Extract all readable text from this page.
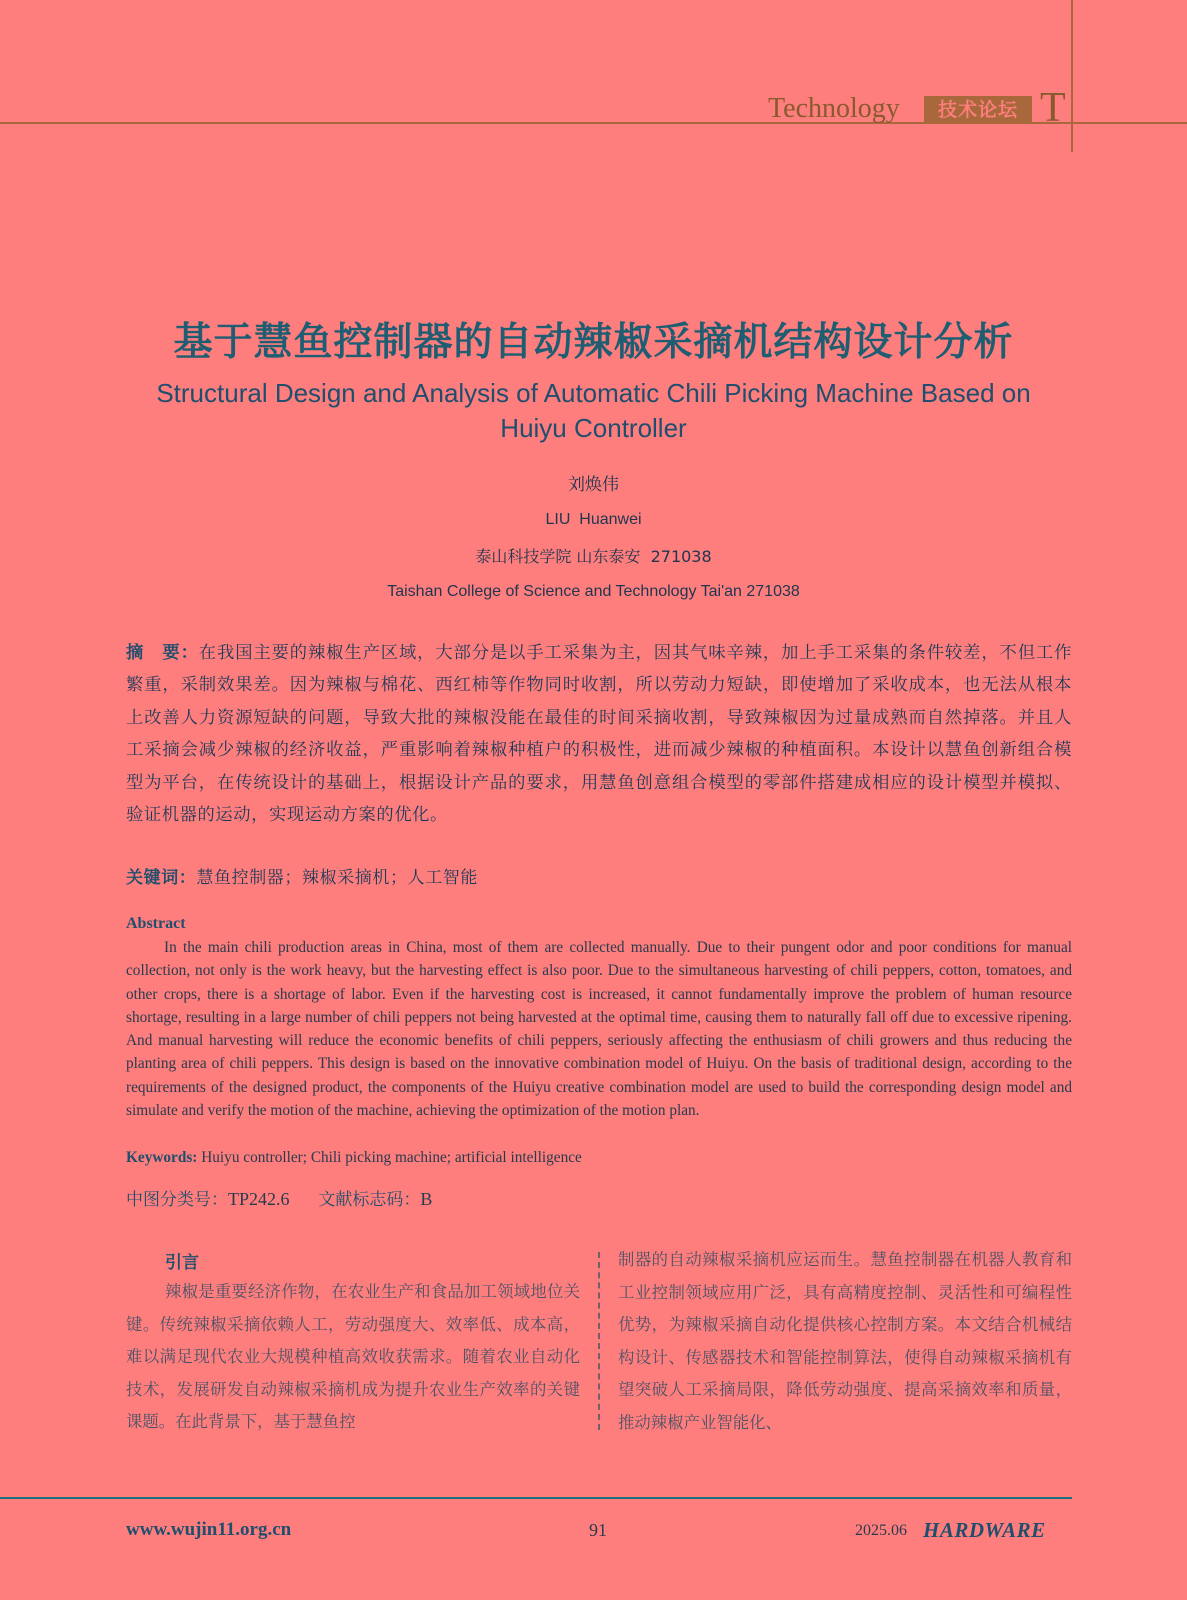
Technology	技术论坛 T
基于慧鱼控制器的自动辣椒采摘机结构设计分析
Structural Design and Analysis of Automatic Chili Picking Machine Based on Huiyu Controller
刘焕伟
LIU  Huanwei
泰山科技学院 山东泰安  271038
Taishan College of Science and Technology Tai'an 271038
摘　要：在我国主要的辣椒生产区域，大部分是以手工采集为主，因其气味辛辣，加上手工采集的条件较差，不但工作繁重，采制效果差。因为辣椒与棉花、西红柿等作物同时收割，所以劳动力短缺，即使增加了采收成本，也无法从根本上改善人力资源短缺的问题，导致大批的辣椒没能在最佳的时间采摘收割，导致辣椒因为过量成熟而自然掉落。并且人工采摘会减少辣椒的经济收益，严重影响着辣椒种植户的积极性，进而减少辣椒的种植面积。本设计以慧鱼创新组合模型为平台，在传统设计的基础上，根据设计产品的要求，用慧鱼创意组合模型的零部件搭建成相应的设计模型并模拟、验证机器的运动，实现运动方案的优化。
关键词：慧鱼控制器；辣椒采摘机；人工智能
Abstract
In the main chili production areas in China, most of them are collected manually. Due to their pungent odor and poor conditions for manual collection, not only is the work heavy, but the harvesting effect is also poor. Due to the simultaneous harvesting of chili peppers, cotton, tomatoes, and other crops, there is a shortage of labor. Even if the harvesting cost is increased, it cannot fundamentally improve the problem of human resource shortage, resulting in a large number of chili peppers not being harvested at the optimal time, causing them to naturally fall off due to excessive ripening. And manual harvesting will reduce the economic benefits of chili peppers, seriously affecting the enthusiasm of chili growers and thus reducing the planting area of chili peppers. This design is based on the innovative combination model of Huiyu. On the basis of traditional design, according to the requirements of the designed product, the components of the Huiyu creative combination model are used to build the corresponding design model and simulate and verify the motion of the machine, achieving the optimization of the motion plan.
Keywords: Huiyu controller; Chili picking machine; artificial intelligence
中图分类号：TP242.6 文献标志码：B
引言
辣椒是重要经济作物，在农业生产和食品加工领域地位关键。传统辣椒采摘依赖人工，劳动强度大、效率低、成本高，难以满足现代农业大规模种植高效收获需求。随着农业自动化技术，发展研发自动辣椒采摘机成为提升农业生产效率的关键课题。在此背景下，基于慧鱼控
制器的自动辣椒采摘机应运而生。慧鱼控制器在机器人教育和工业控制领域应用广泛，具有高精度控制、灵活性和可编程性优势，为辣椒采摘自动化提供核心控制方案。本文结合机械结构设计、传感器技术和智能控制算法，使得自动辣椒采摘机有望突破人工采摘局限，降低劳动强度、提高采摘效率和质量，推动辣椒产业智能化、
www.wujin11.org.cn	91	2025.06 HARDWARE
